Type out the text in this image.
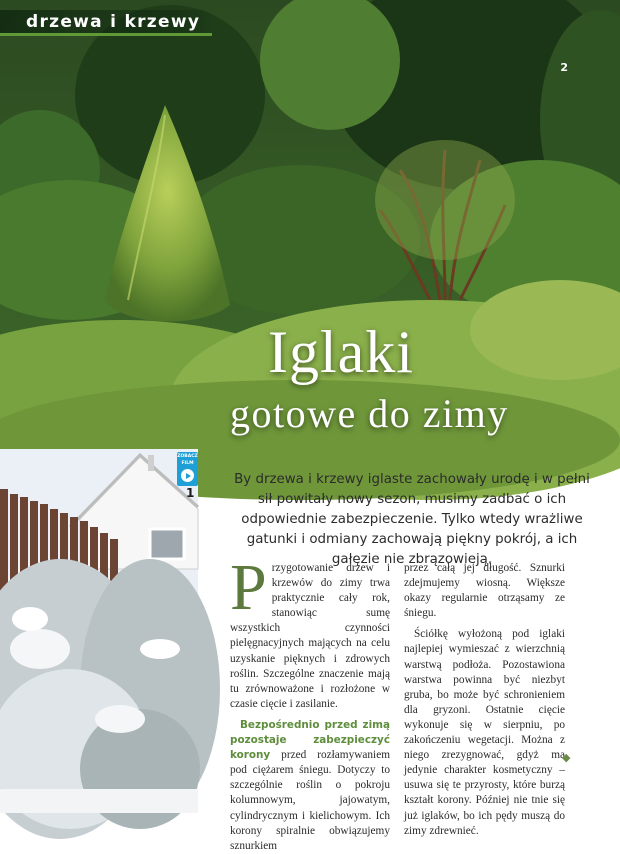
drzewa i krzewy
2
Iglaki
gotowe do zimy
ZOBACZ
FILM
1

By drzewa i krzewy iglaste zachowały urodę i w pełni sił powitały nowy sezon, musimy zadbać o ich odpowiednie zabezpieczenie. Tylko wtedy wrażliwe gatunki i odmiany zachowają piękny pokrój, a ich gałęzie nie zbrązowieją.

P rzygotowanie drzew i krzewów do zimy trwa praktycznie cały rok, stanowiąc sumę wszystkich czynności pielęgnacyjnych mających na celu uzyskanie pięknych i zdrowych roślin. Szczególne znaczenie mają tu zrównoważone i rozłożone w czasie cięcie i zasilanie.

Bezpośrednio przed zimą pozostaje zabezpieczyć korony przed rozłamywaniem pod ciężarem śniegu. Dotyczy to szczególnie roślin o pokroju kolumnowym, jajowatym, cylindrycznym i kielichowym. Ich korony spiralnie obwiązujemy sznurkiem

przez całą jej długość. Sznurki zdejmujemy wiosną. Większe okazy regularnie otrząsamy ze śniegu.

Ściółkę wyłożoną pod iglaki najlepiej wymieszać z wierzchnią warstwą podłoża. Pozostawiona warstwa powinna być niezbyt gruba, bo może być schronieniem dla gryzoni. Ostatnie cięcie wykonuje się w sierpniu, po zakończeniu wegetacji. Można z niego zrezygnować, gdyż ma jedynie charakter kosmetyczny – usuwa się te przyrosty, które burzą kształt korony. Później nie tnie się już iglaków, bo ich pędy muszą do zimy zdrewnieć.

◆
